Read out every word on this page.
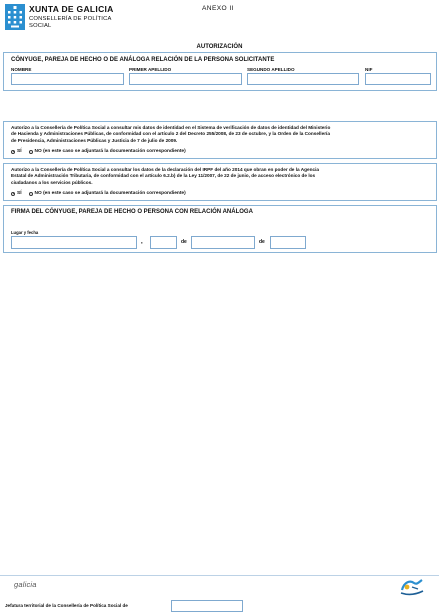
XUNTA DE GALICIA
CONSELLERÍA DE POLÍTICA
SOCIAL
ANEXO II
AUTORIZACIÓN
CÓNYUGE, PAREJA DE HECHO O DE ANÁLOGA RELACIÓN DE LA PERSONA SOLICITANTE
NOMBRE	PRIMER APELLIDO	SEGUNDO APELLIDO	NIF
Autorizo a la Consellería de Política Social a consultar mis datos de identidad en el Sistema de verificación de datos de identidad del Ministerio
de Hacienda y Administraciones Públicas, de conformidad con el artículo 2 del Decreto 255/2008, de 23 de octubre, y la Orden de la Consellería
de Presidencia, Administraciones Públicas y Justicia de 7 de julio de 2009.
SÍ	NO (en este caso se adjuntará la documentación correspondiente)
Autorizo a la Consellería de Política Social a consultar los datos de la declaración del IRPF del año 2014 que obran en poder de la Agencia
Estatal de Administración Tributaria, de conformidad con el artículo 6.2.b) de la Ley 11/2007, de 22 de junio, de acceso electrónico de los
ciudadanos a los servicios públicos.
SÍ	NO (en este caso se adjuntará la documentación correspondiente)
FIRMA DEL CÓNYUGE, PAREJA DE HECHO O PERSONA CON RELACIÓN ANÁLOGA
Lugar y fecha
,	de	de
galicia
Jefatura territorial de la Consellería de Política Social de
